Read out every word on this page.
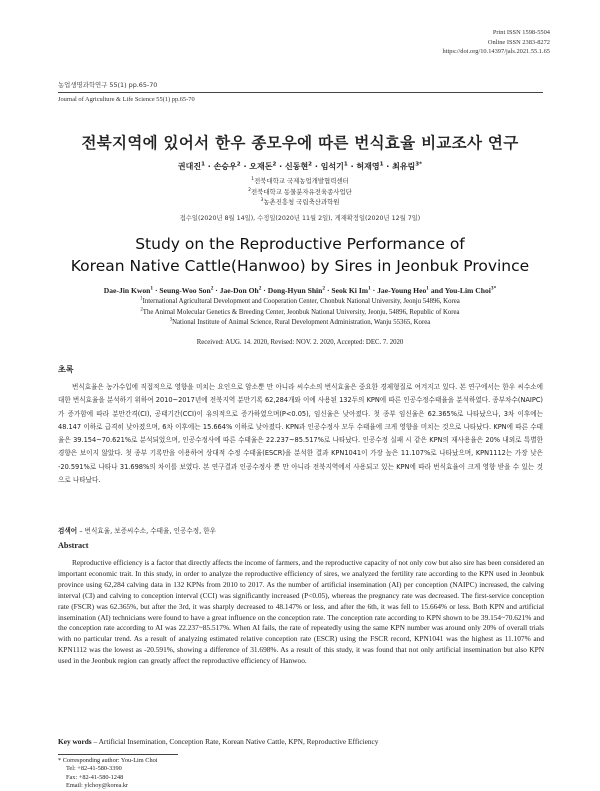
Print ISSN 1598-5504
Online ISSN 2383-8272
https://doi.org/10.14397/jals.2021.55.1.65
농업생명과학연구 55(1) pp.65-70
Journal of Agriculture & Life Science 55(1) pp.65-70
전북지역에 있어서 한우 종모우에 따른 번식효율 비교조사 연구
권대진$^1$ · 손승우$^2$ · 오재돈$^2$ · 신동현$^2$ · 임석기$^1$ · 허재영$^1$ · 최유림$^{3*}$
$^1$전북대학교 국제농업개발협력센터
$^2$전북대학교 동물분자유전육종사업단
$^3$농촌진흥청 국립축산과학원
접수일(2020년 8월 14일), 수정일(2020년 11월 2일), 게재확정일(2020년 12월 7일)
Study on the Reproductive Performance of
Korean Native Cattle(Hanwoo) by Sires in Jeonbuk Province
Dae-Jin Kwon$^1$ · Seung-Woo Son$^2$ · Jae-Don $Oh^2$ · Dong-Hyun Shin$^2$ · Seok Ki $Im^1$ · Jae-Young Heo$^1$ and You-Lim Choi$^{3*}$
$^1$International Agricultural Development and Cooperation Center, Chonbuk National University, Jeonju 54896, Korea
$^2$The Animal Molecular Genetics & Breeding Center, Jeonbuk National University, Jeonju, 54896, Republic of Korea
$^3$National Institute of Animal Science, Rural Development Administration, Wanju 55365, Korea
Received: AUG. 14. 2020, Revised: NOV. 2. 2020, Accepted: DEC. 7. 2020
초록

번식효율은 농가수입에 직접적으로 영향을 미치는 요인으로 암소뿐 만 아니라 씨수소의 번식효율은 중요한 경제형질로 여겨지고 있다. 본 연구에서는 한우 씨수소에 대한 번식효율을 분석하기 위하여 2010~2017년에 전북지역 분만기록 62,284개와 이에 사용된 132두의 KPN에 따른 인공수정수태율을 분석하였다. 종부차수(NAIPC)가 증가함에 따라 분만간격(CI), 공태기간(CCI)이 유의적으로 증가하였으며(P<0.05), 임신율은 낮아졌다. 첫 종부 임신율은 62.365%로 나타났으나, 3차 이후에는 48.147 이하로 급격히 낮아졌으며, 6차 이후에는 15.664% 이하로 낮아졌다. KPN과 인공수정사 모두 수태율에 크게 영향을 미치는 것으로 나타났다. KPN에 따른 수태율은 39.154~70.621%로 분석되었으며, 인공수정사에 따른 수태율은 22.237~85.517%로 나타났다. 인공수정 실패 시 같은 KPN의 재사용율은 20% 내외로 특별한 경향은 보이지 않았다. 첫 종부 기록만을 이용하여 상대적 수정 수태율(ESCR)을 분석한 결과 KPN1041이 가장 높은 11.107%로 나타났으며, KPN1112는 가장 낮은 -20.591%로 나타나 31.698%의 차이를 보였다. 본 연구결과 인공수정사 뿐 만 아니라 전북지역에서 사용되고 있는 KPN에 따라 번식효율이 크게 영향 받을 수 있는 것으로 나타났다.

검색어 – 번식효율, 보증씨수소, 수태율, 인공수정, 한우
Abstract

Reproductive efficiency is a factor that directly affects the income of farmers, and the reproductive capacity of not only cow but also sire has been considered an important economic trait. In this study, in order to analyze the reproductive efficiency of sires, we analyzed the fertility rate according to the KPN used in Jeonbuk province using 62,284 calving data in 132 KPNs from 2010 to 2017. As the number of artificial insemination (AI) per conception (NAIPC) increased, the calving interval (CI) and calving to conception interval (CCI) was significantly increased (P<0.05), whereas the pregnancy rate was decreased. The first-service conception rate (FSCR) was 62.365%, but after the 3rd, it was sharply decreased to 48.147% or less, and after the 6th, it was fell to 15.664% or less. Both KPN and artificial insemination (AI) technicians were found to have a great influence on the conception rate. The conception rate according to KPN shown to be 39.154~70.621% and the conception rate according to AI was 22.237~85.517%. When AI fails, the rate of repeatedly using the same KPN number was around only 20% of overall trials with no particular trend. As a result of analyzing estimated relative conception rate (ESCR) using the FSCR record, KPN1041 was the highest as 11.107% and KPN1112 was the lowest as -20.591%, showing a difference of 31.698%. As a result of this study, it was found that not only artificial insemination but also KPN used in the Jeonbuk region can greatly affect the reproductive efficiency of Hanwoo.

Key words – Artificial Insemination, Conception Rate, Korean Native Cattle, KPN, Reproductive Efficiency
* Corresponding author: You-Lim Choi
Tel: +82-41-580-3390
Fax: +82-41-580-1248
Email: ylchoy@korea.kr
